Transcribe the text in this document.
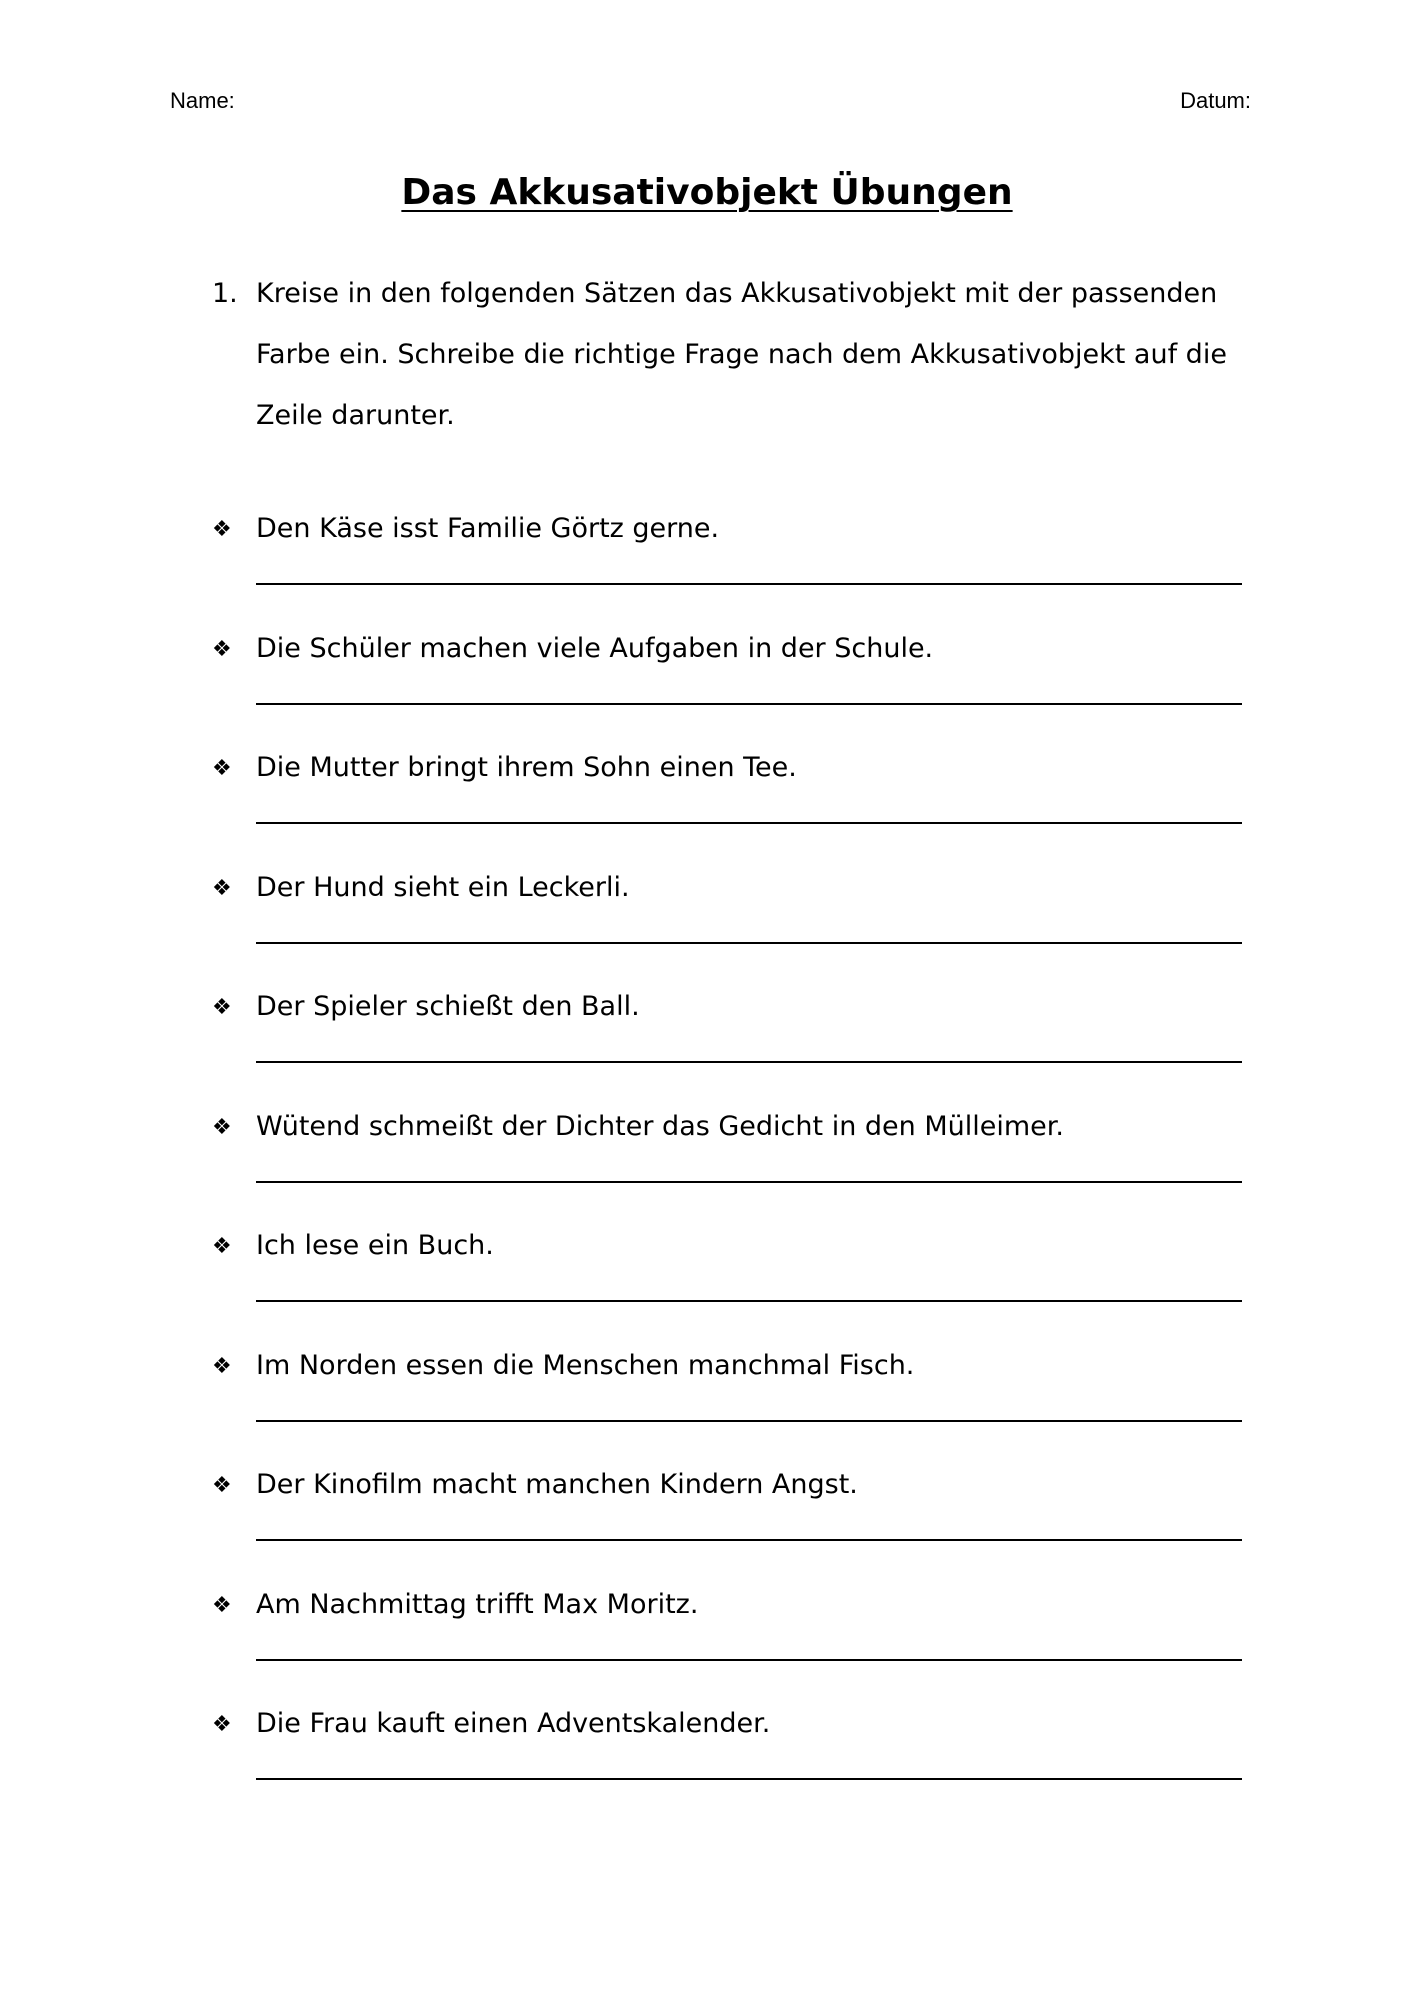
Name:	Datum:
Das Akkusativobjekt Übungen
1. Kreise in den folgenden Sätzen das Akkusativobjekt mit der passenden Farbe ein. Schreibe die richtige Frage nach dem Akkusativobjekt auf die Zeile darunter.
❖ Den Käse isst Familie Görtz gerne.
❖ Die Schüler machen viele Aufgaben in der Schule.
❖ Die Mutter bringt ihrem Sohn einen Tee.
❖ Der Hund sieht ein Leckerli.
❖ Der Spieler schießt den Ball.
❖ Wütend schmeißt der Dichter das Gedicht in den Mülleimer.
❖ Ich lese ein Buch.
❖ Im Norden essen die Menschen manchmal Fisch.
❖ Der Kinofilm macht manchen Kindern Angst.
❖ Am Nachmittag trifft Max Moritz.
❖ Die Frau kauft einen Adventskalender.
